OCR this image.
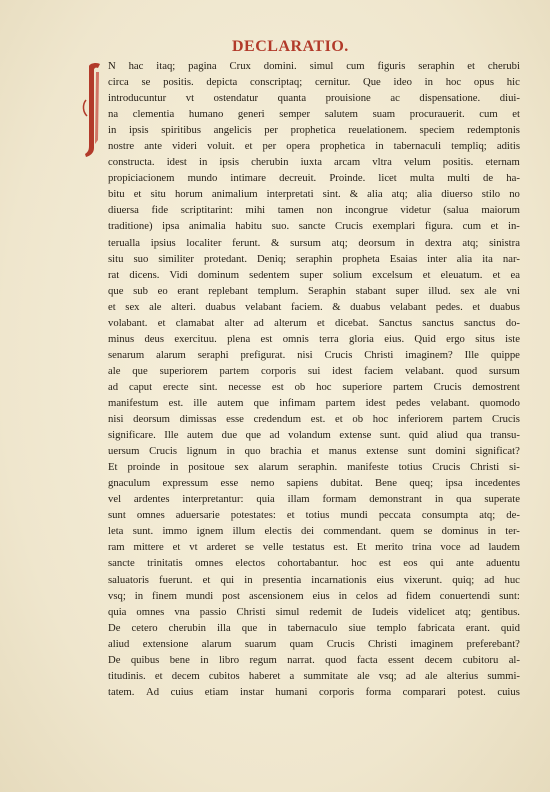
DECLARATIO.
N hac itaq; pagina Crux domini. simul cum figuris seraphin et cherubi
circa se positis. depicta conscriptaq; cernitur. Que ideo in hoc opus hic
introducuntur vt ostendatur quanta prouisione ac dispensatione. diui-
na clementia humano generi semper salutem suam procurauerit. cum et
in ipsis spiritibus angelicis per prophetica reuelationem. speciem redemptonis
nostre ante videri voluit. et per opera prophetica in tabernaculi templiq; aditis
constructa. idest in ipsis cherubin iuxta arcam vltra velum positis. eternam
propiciacionem mundo intimare decreuit. Proinde. licet multa multi de ha-
bitu et situ horum animalium interpretati sint. & alia atq; alia diuerso stilo no
diuersa fide scriptitarint: mihi tamen non incongrue videtur (salua maiorum
traditione) ipsa animalia habitu suo. sancte Crucis exemplari figura. cum et in-
terualla ipsius localiter ferunt. & sursum atq; deorsum in dextra atq; sinistra
situ suo similiter protedant. Deniq; seraphin propheta Esaias inter alia ita nar-
rat dicens. Vidi dominum sedentem super solium excelsum et eleuatum. et ea
que sub eo erant replebant templum. Seraphin stabant super illud. sex ale vni
et sex ale alteri. duabus velabant faciem. & duabus velabant pedes. et duabus
volabant. et clamabat alter ad alterum et dicebat. Sanctus sanctus sanctus do-
minus deus exercituu. plena est omnis terra gloria eius. Quid ergo situs iste
senarum alarum seraphi prefigurat. nisi Crucis Christi imaginem? Ille quippe
ale que superiorem partem corporis sui idest faciem velabant. quod sursum
ad caput erecte sint. necesse est ob hoc superiore partem Crucis demostrent
manifestum est. ille autem que infimam partem idest pedes velabant. quomodo
nisi deorsum dimissas esse credendum est. et ob hoc inferiorem partem Crucis
significare. Ille autem due que ad volandum extense sunt. quid aliud qua transu-
uersum Crucis lignum in quo brachia et manus extense sunt domini significat?
Et proinde in positoue sex alarum seraphin. manifeste totius Crucis Christi si-
gnaculum expressum esse nemo sapiens dubitat. Bene queq; ipsa incedentes
vel ardentes interpretantur: quia illam formam demonstrant in qua superate
sunt omnes aduersarie potestates: et totius mundi peccata consumpta atq; de-
leta sunt. immo ignem illum electis dei commendant. quem se dominus in ter-
ram mittere et vt arderet se velle testatus est. Et merito trina voce ad laudem
sancte trinitatis omnes electos cohortabantur. hoc est eos qui ante aduentu
saluatoris fuerunt. et qui in presentia incarnationis eius vixerunt. quiq; ad huc
vsq; in finem mundi post ascensionem eius in celos ad fidem conuertendi sunt:
quia omnes vna passio Christi simul redemit de Iudeis videlicet atq; gentibus.
De cetero cherubin illa que in tabernaculo siue templo fabricata erant. quid
aliud extensione alarum suarum quam Crucis Christi imaginem preferebant?
De quibus bene in libro regum narrat. quod facta essent decem cubitoru al-
titudinis. et decem cubitos haberet a summitate ale vsq; ad ale alterius summi-
tatem. Ad cuius etiam instar humani corporis forma comparari potest. cuius
